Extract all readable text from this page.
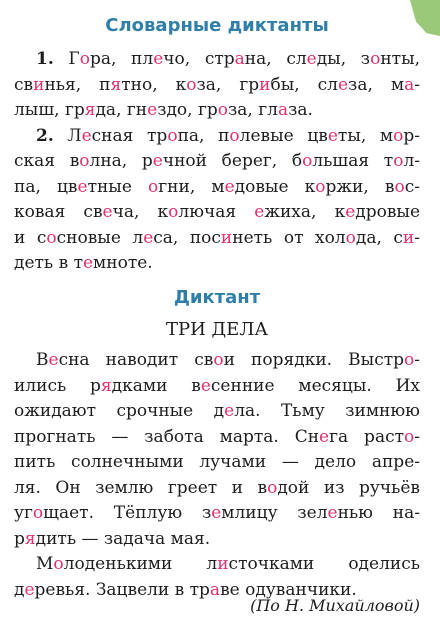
Словарные диктанты
1. Гора, плечо, страна, следы, зонты,
свинья, пятно, коза, грибы, слеза, ма-
лыш, гряда, гнездо, гроза, глаза.
2. Лесная тропа, полевые цветы, мор-
ская волна, речной берег, большая тол-
па, цветные огни, медовые коржи, вос-
ковая свеча, колючая ежиха, кедровые
и сосновые леса, посинеть от холода, си-
деть в темноте.
Диктант
ТРИ ДЕЛА
Весна наводит свои порядки. Выстро-
ились рядками весенние месяцы. Их
ожидают срочные дела. Тьму зимнюю
прогнать — забота марта. Снега расто-
пить солнечными лучами — дело апре-
ля. Он землю греет и водой из ручьёв
угощает. Тёплую землицу зеленью на-
рядить — задача мая.
Молоденькими листочками оделись
деревья. Зацвели в траве одуванчики.
(По Н. Михайловой)
